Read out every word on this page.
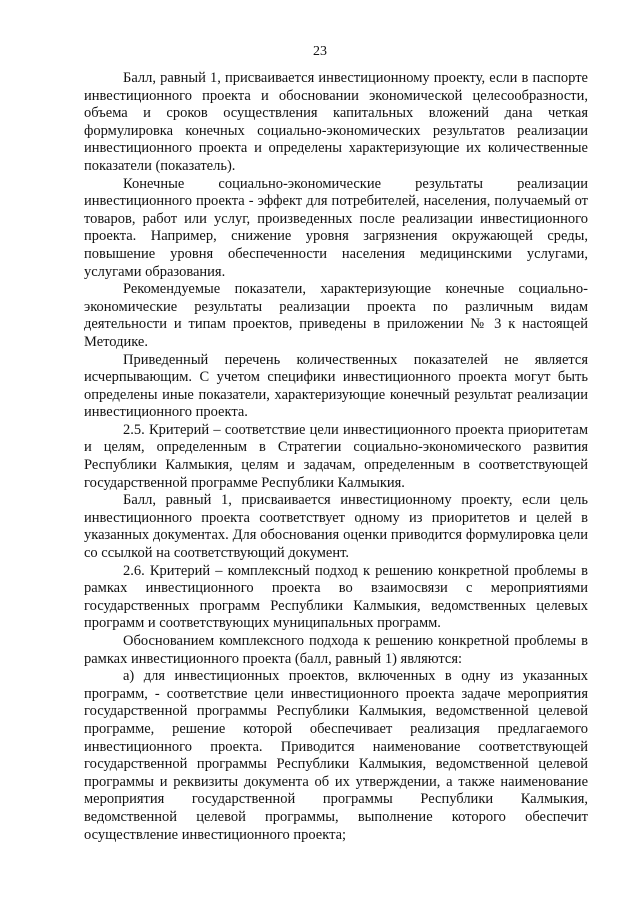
23

Балл, равный 1, присваивается инвестиционному проекту, если в паспорте инвестиционного проекта и обосновании экономической целесообразности, объема и сроков осуществления капитальных вложений дана четкая формулировка конечных социально-экономических результатов реализации инвестиционного проекта и определены характеризующие их количественные показатели (показатель).

Конечные социально-экономические результаты реализации инвестиционного проекта - эффект для потребителей, населения, получаемый от товаров, работ или услуг, произведенных после реализации инвестиционного проекта. Например, снижение уровня загрязнения окружающей среды, повышение уровня обеспеченности населения медицинскими услугами, услугами образования.

Рекомендуемые показатели, характеризующие конечные социально-экономические результаты реализации проекта по различным видам деятельности и типам проектов, приведены в приложении № 3 к настоящей Методике.

Приведенный перечень количественных показателей не является исчерпывающим. С учетом специфики инвестиционного проекта могут быть определены иные показатели, характеризующие конечный результат реализации инвестиционного проекта.

2.5. Критерий – соответствие цели инвестиционного проекта приоритетам и целям, определенным в Стратегии социально-экономического развития Республики Калмыкия, целям и задачам, определенным в соответствующей государственной программе Республики Калмыкия.

Балл, равный 1, присваивается инвестиционному проекту, если цель инвестиционного проекта соответствует одному из приоритетов и целей в указанных документах. Для обоснования оценки приводится формулировка цели со ссылкой на соответствующий документ.

2.6. Критерий – комплексный подход к решению конкретной проблемы в рамках инвестиционного проекта во взаимосвязи с мероприятиями государственных программ Республики Калмыкия, ведомственных целевых программ и соответствующих муниципальных программ.

Обоснованием комплексного подхода к решению конкретной проблемы в рамках инвестиционного проекта (балл, равный 1) являются:

а) для инвестиционных проектов, включенных в одну из указанных программ, - соответствие цели инвестиционного проекта задаче мероприятия государственной программы Республики Калмыкия, ведомственной целевой программе, решение которой обеспечивает реализация предлагаемого инвестиционного проекта. Приводится наименование соответствующей государственной программы Республики Калмыкия, ведомственной целевой программы и реквизиты документа об их утверждении, а также наименование мероприятия государственной программы Республики Калмыкия, ведомственной целевой программы, выполнение которого обеспечит осуществление инвестиционного проекта;
